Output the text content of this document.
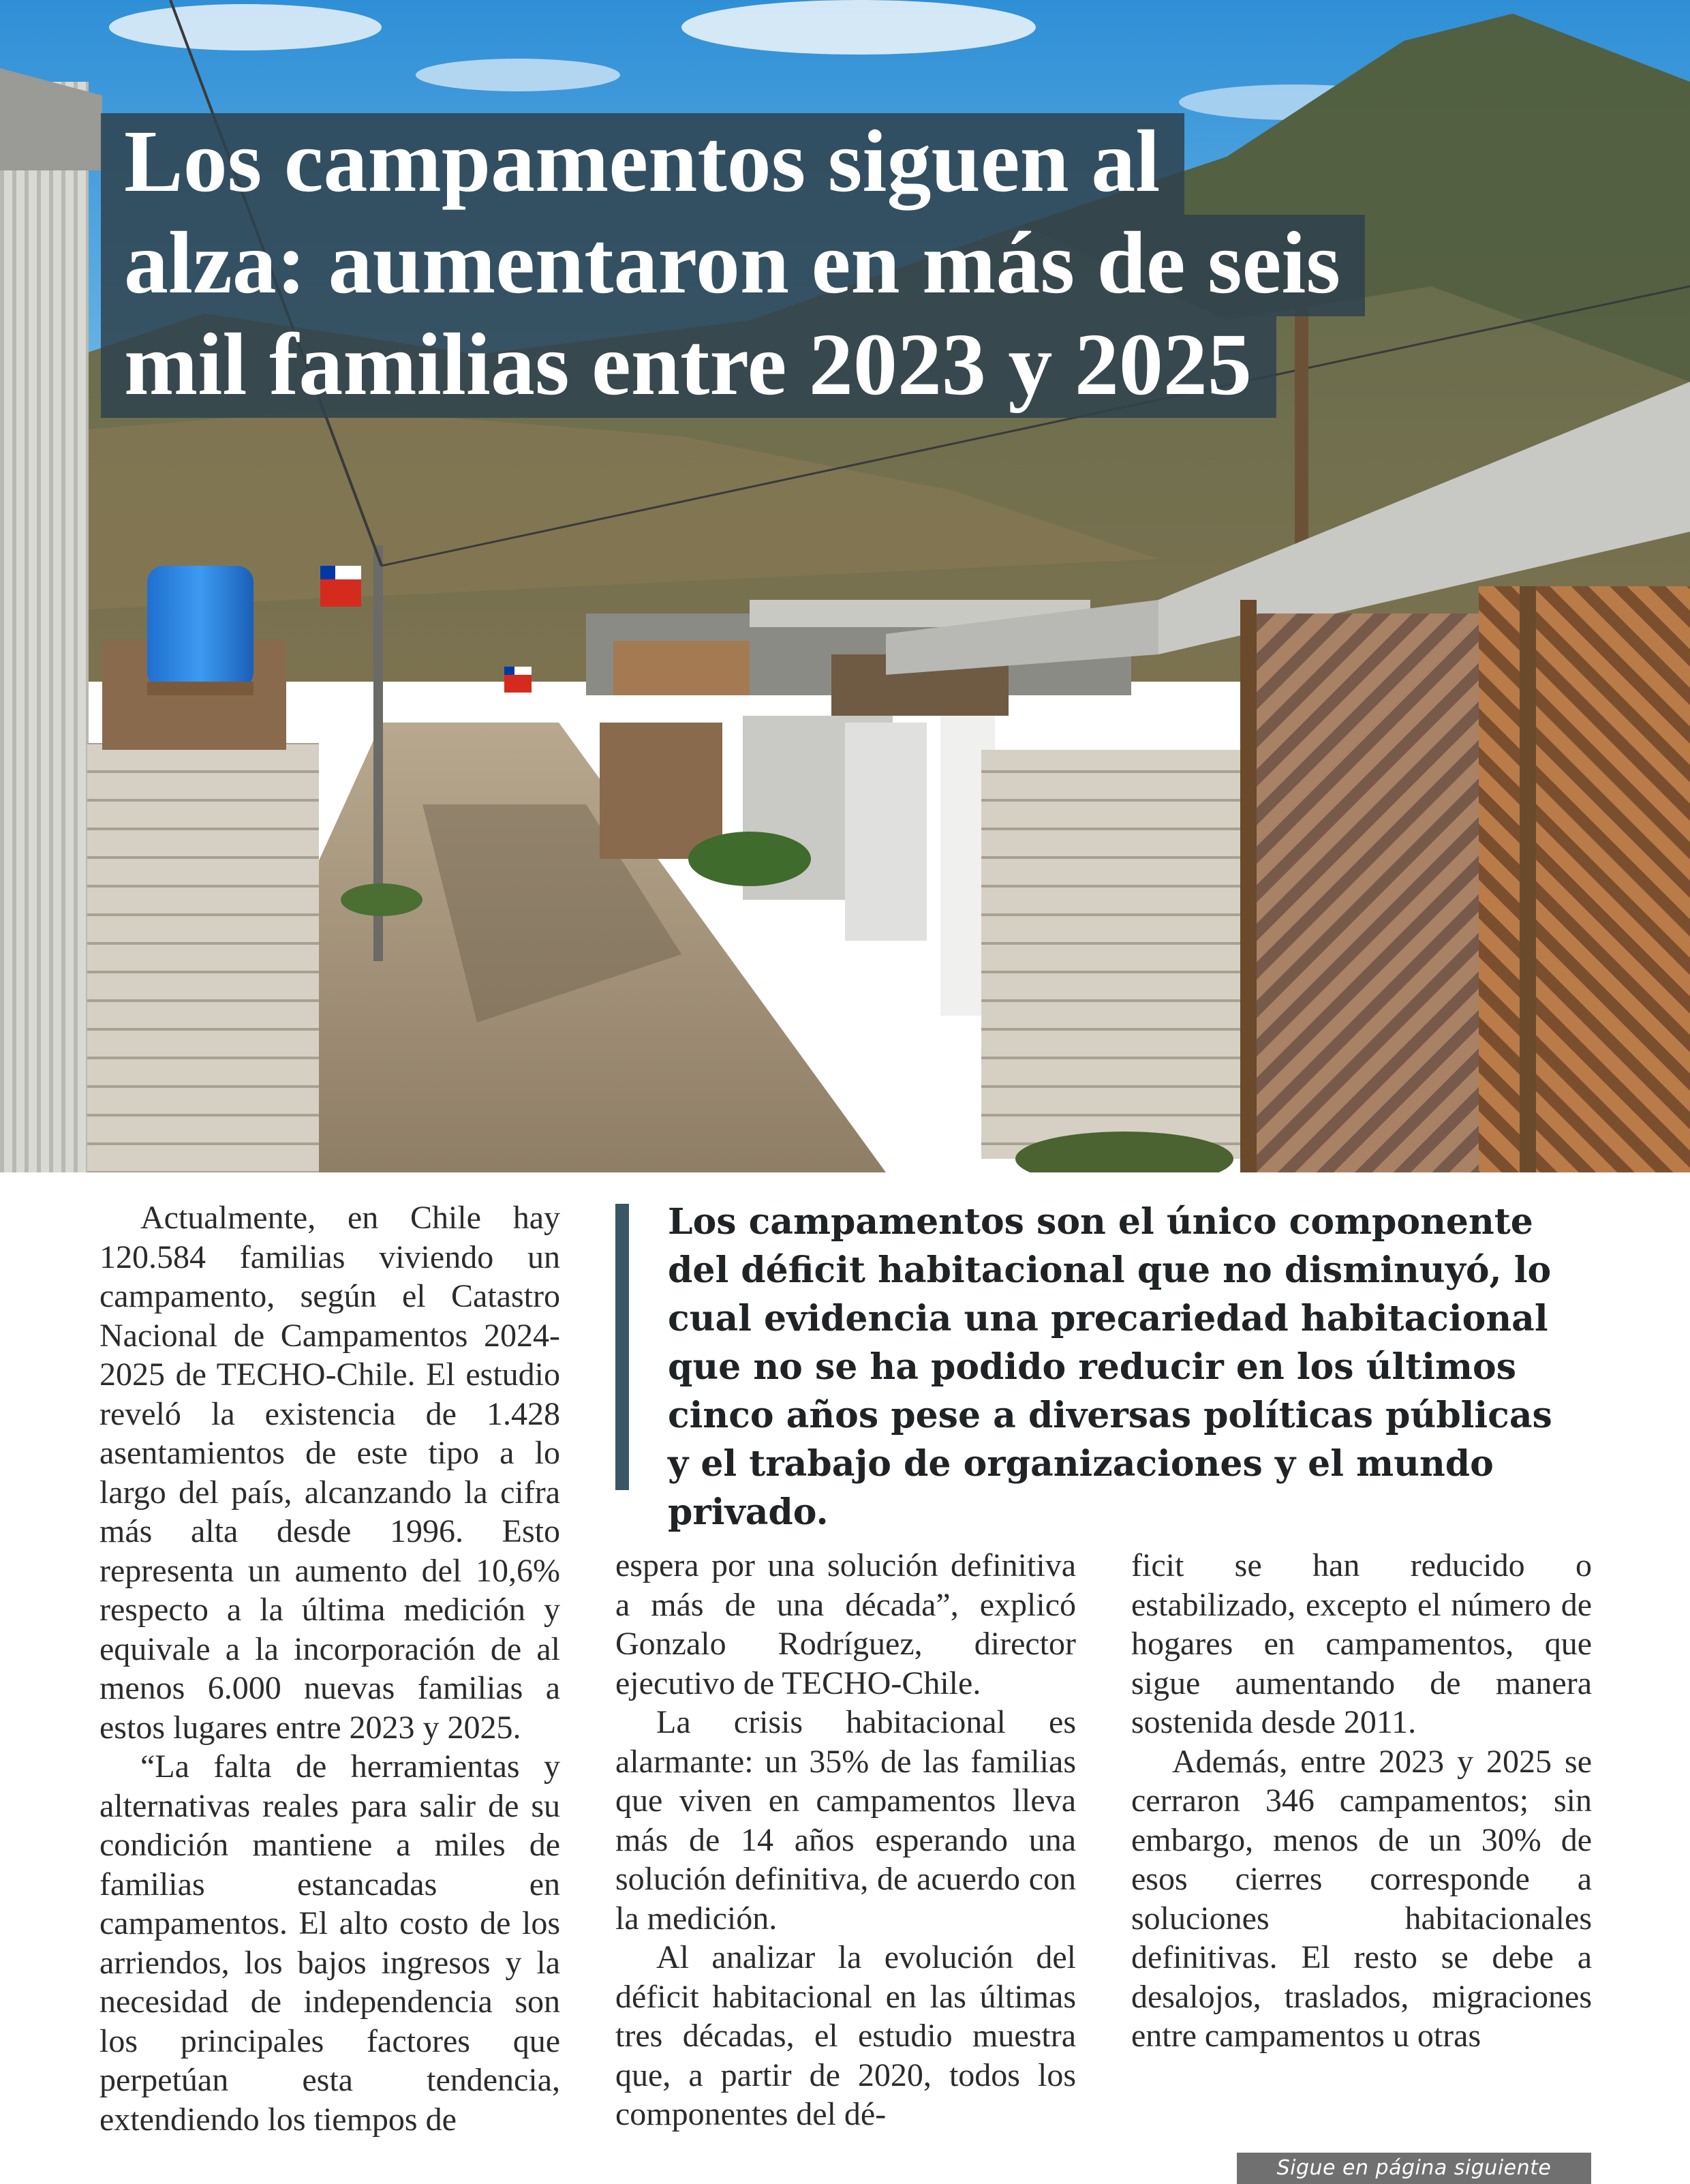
Los campamentos siguen al
alza: aumentaron en más de seis
mil familias entre 2023 y 2025

Actualmente, en Chile hay 120.584 familias viviendo un campamento, según el Catastro Nacional de Campamentos 2024-2025 de TECHO-Chile. El estudio reveló la existencia de 1.428 asentamientos de este tipo a lo largo del país, alcanzando la cifra más alta desde 1996. Esto representa un aumento del 10,6% respecto a la última medición y equivale a la incorporación de al menos 6.000 nuevas familias a estos lugares entre 2023 y 2025.

“La falta de herramientas y alternativas reales para salir de su condición mantiene a miles de familias estancadas en campamentos. El alto costo de los arriendos, los bajos ingresos y la necesidad de independencia son los principales factores que perpetúan esta tendencia, extendiendo los tiempos de

Los campamentos son el único componente del déficit habitacional que no disminuyó, lo cual evidencia una precariedad habitacional que no se ha podido reducir en los últimos cinco años pese a diversas políticas públicas y el trabajo de organizaciones y el mundo privado.

espera por una solución definitiva a más de una década”, explicó Gonzalo Rodríguez, director ejecutivo de TECHO-Chile.

La crisis habitacional es alarmante: un 35% de las familias que viven en campamentos lleva más de 14 años esperando una solución definitiva, de acuerdo con la medición.

Al analizar la evolución del déficit habitacional en las últimas tres décadas, el estudio muestra que, a partir de 2020, todos los componentes del dé-

ficit se han reducido o estabilizado, excepto el número de hogares en campamentos, que sigue aumentando de manera sostenida desde 2011.

Además, entre 2023 y 2025 se cerraron 346 campamentos; sin embargo, menos de un 30% de esos cierres corresponde a soluciones habitacionales definitivas. El resto se debe a desalojos, traslados, migraciones entre campamentos u otras

Sigue en página siguiente
